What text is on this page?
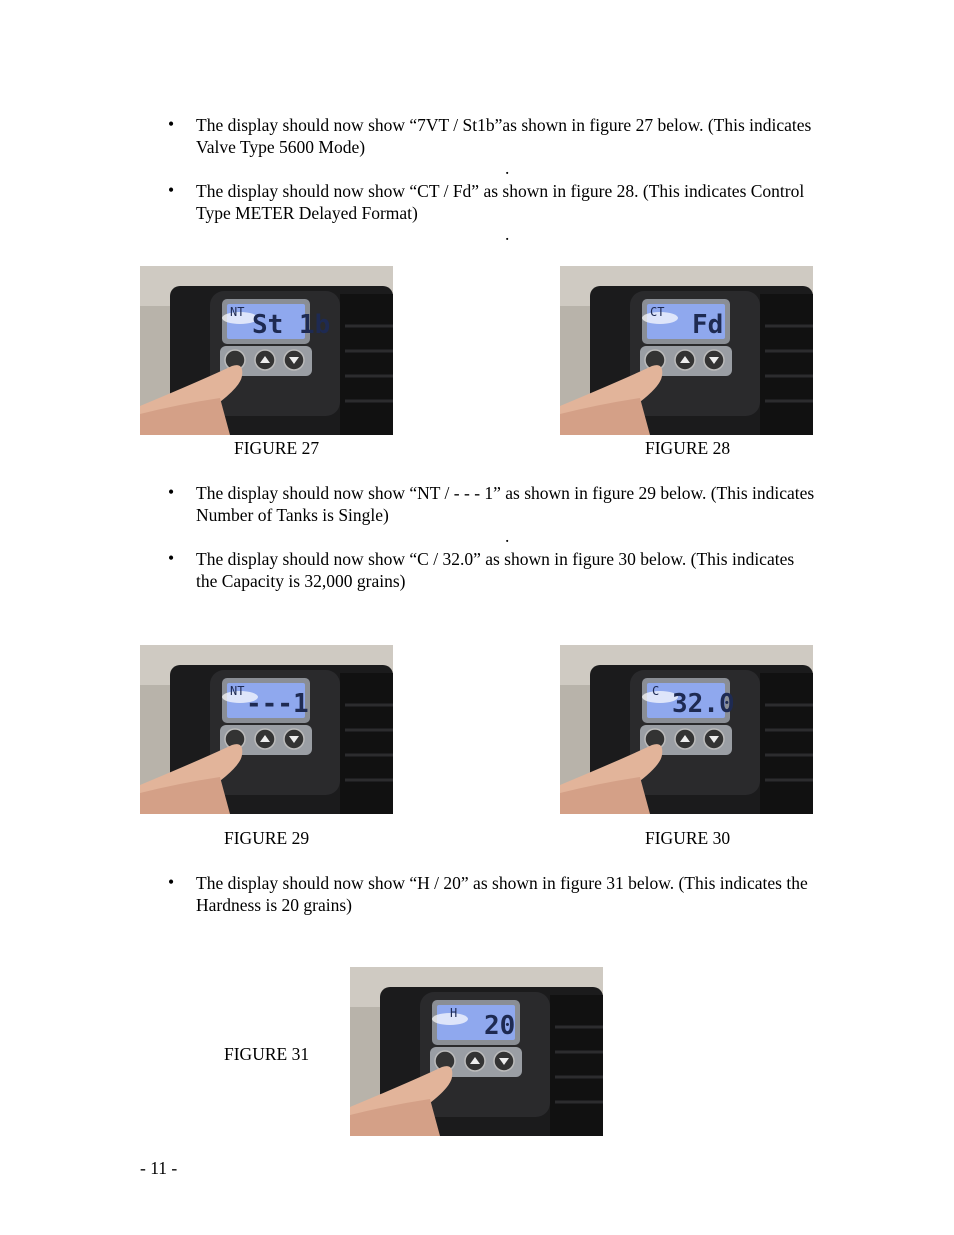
• The display should now show “7VT / St1b”as shown in figure 27 below. (This indicates Valve Type 5600 Mode)
.
• The display should now show “CT / Fd” as shown in figure 28. (This indicates Control Type METER Delayed Format)
.
NT St 1b
FIGURE 27
CT Fd
FIGURE 28
• The display should now show “NT / - - - 1” as shown in figure 29 below. (This indicates Number of Tanks is Single)
.
• The display should now show “C / 32.0” as shown in figure 30 below. (This indicates the Capacity is 32,000 grains)
NT ---1
FIGURE 29
C 32.0
FIGURE 30
• The display should now show “H / 20” as shown in figure 31 below. (This indicates the Hardness is 20 grains)
FIGURE 31
H 20
- 11 -
